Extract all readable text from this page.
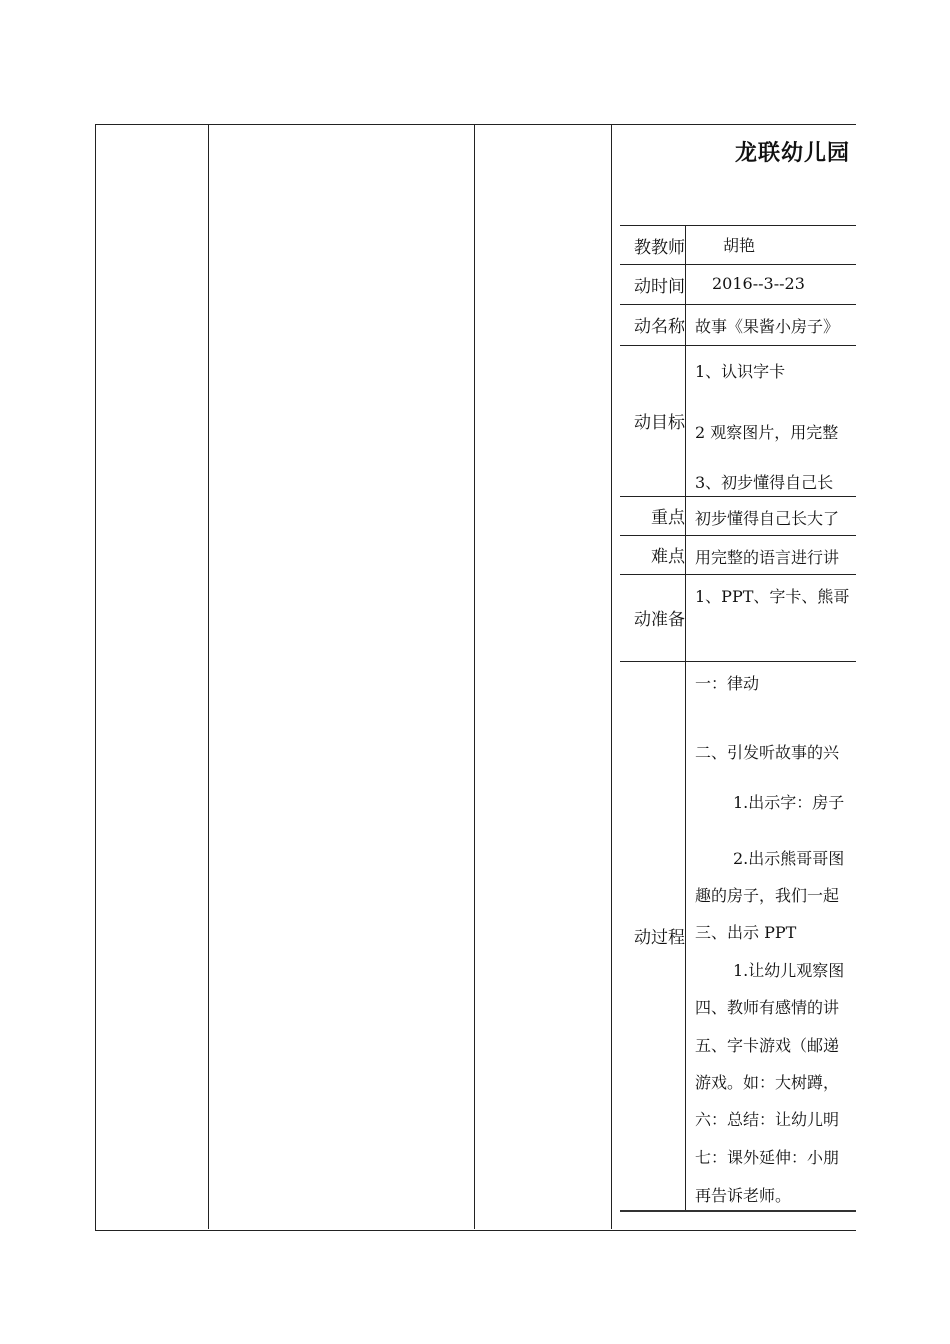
龙联幼儿园
教教师 胡艳
动时间 2016--3--23
动名称 故事《果酱小房子》
动目标
1、认识字卡
2 观察图片，用完整
3、初步懂得自己长
重点 初步懂得自己长大了
难点 用完整的语言进行讲
动准备
1、PPT、字卡、熊哥
动过程
一：律动
二、引发听故事的兴
1.出示字：房子
2.出示熊哥哥图
趣的房子，我们一起
三、出示 PPT
1.让幼儿观察图
四、教师有感情的讲
五、字卡游戏（邮递
游戏。如：大树蹲，
六：总结：让幼儿明
七：课外延伸：小朋
再告诉老师。
